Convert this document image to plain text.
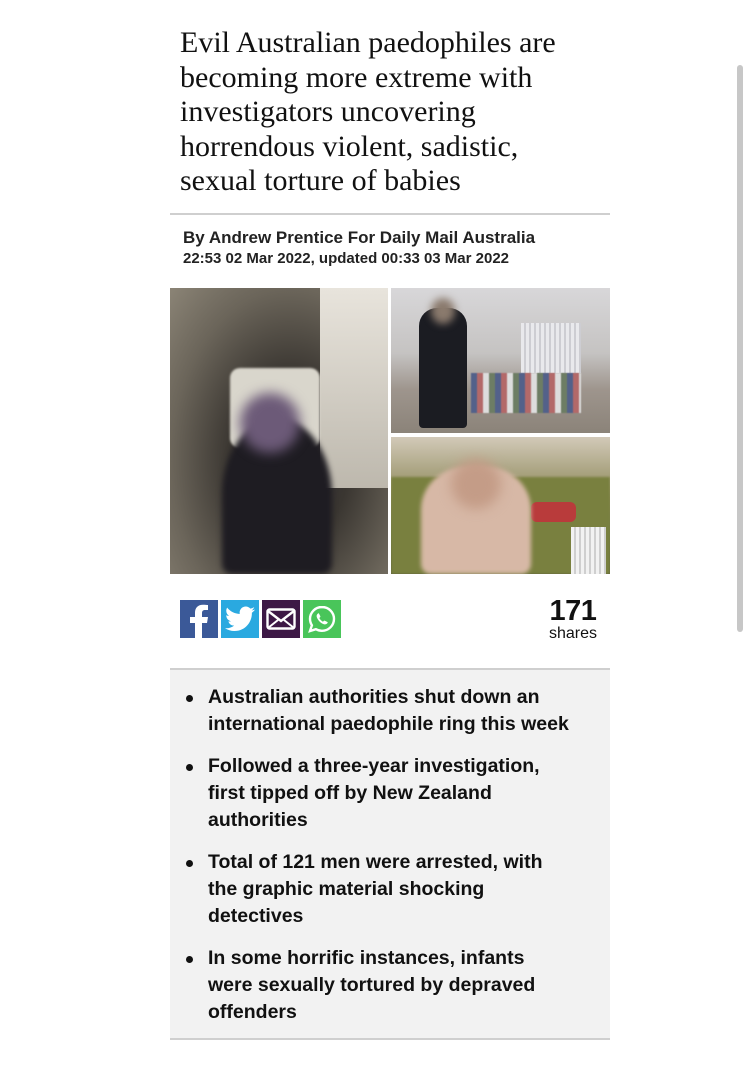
Evil Australian paedophiles are becoming more extreme with investigators uncovering horrendous violent, sadistic, sexual torture of babies
By Andrew Prentice For Daily Mail Australia
22:53 02 Mar 2022, updated 00:33 03 Mar 2022
171
shares
Australian authorities shut down an international paedophile ring this week
Followed a three-year investigation, first tipped off by New Zealand authorities
Total of 121 men were arrested, with the graphic material shocking detectives
In some horrific instances, infants were sexually tortured by depraved offenders
